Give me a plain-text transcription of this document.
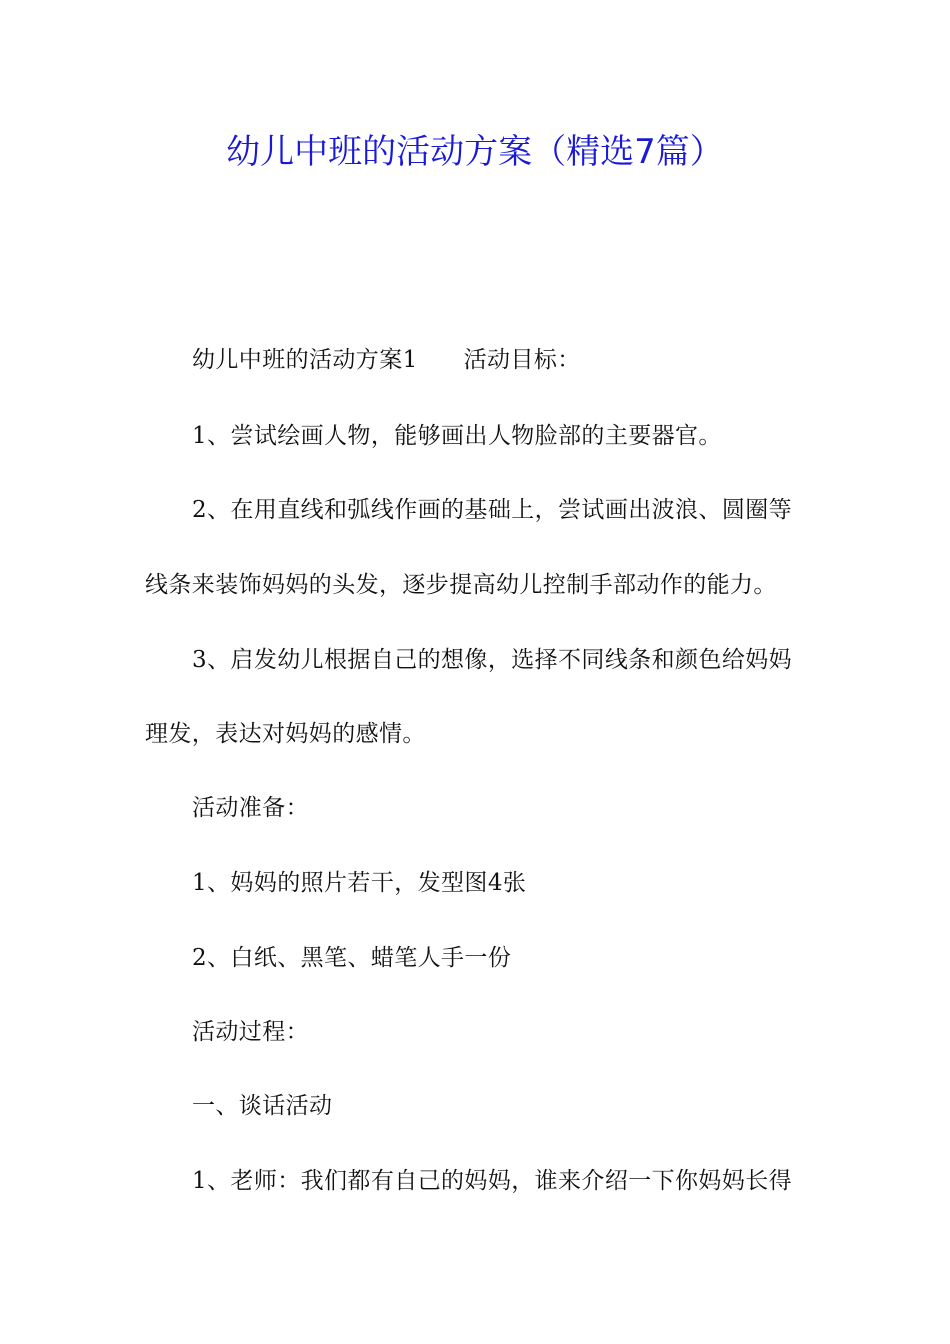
幼儿中班的活动方案（精选7篇）
幼儿中班的活动方案1 活动目标：
1、尝试绘画人物，能够画出人物脸部的主要器官。
2、在用直线和弧线作画的基础上，尝试画出波浪、圆圈等
线条来装饰妈妈的头发，逐步提高幼儿控制手部动作的能力。
3、启发幼儿根据自己的想像，选择不同线条和颜色给妈妈
理发，表达对妈妈的感情。
活动准备：
1、妈妈的照片若干，发型图4张
2、白纸、黑笔、蜡笔人手一份
活动过程：
一、谈话活动
1、老师：我们都有自己的妈妈，谁来介绍一下你妈妈长得
